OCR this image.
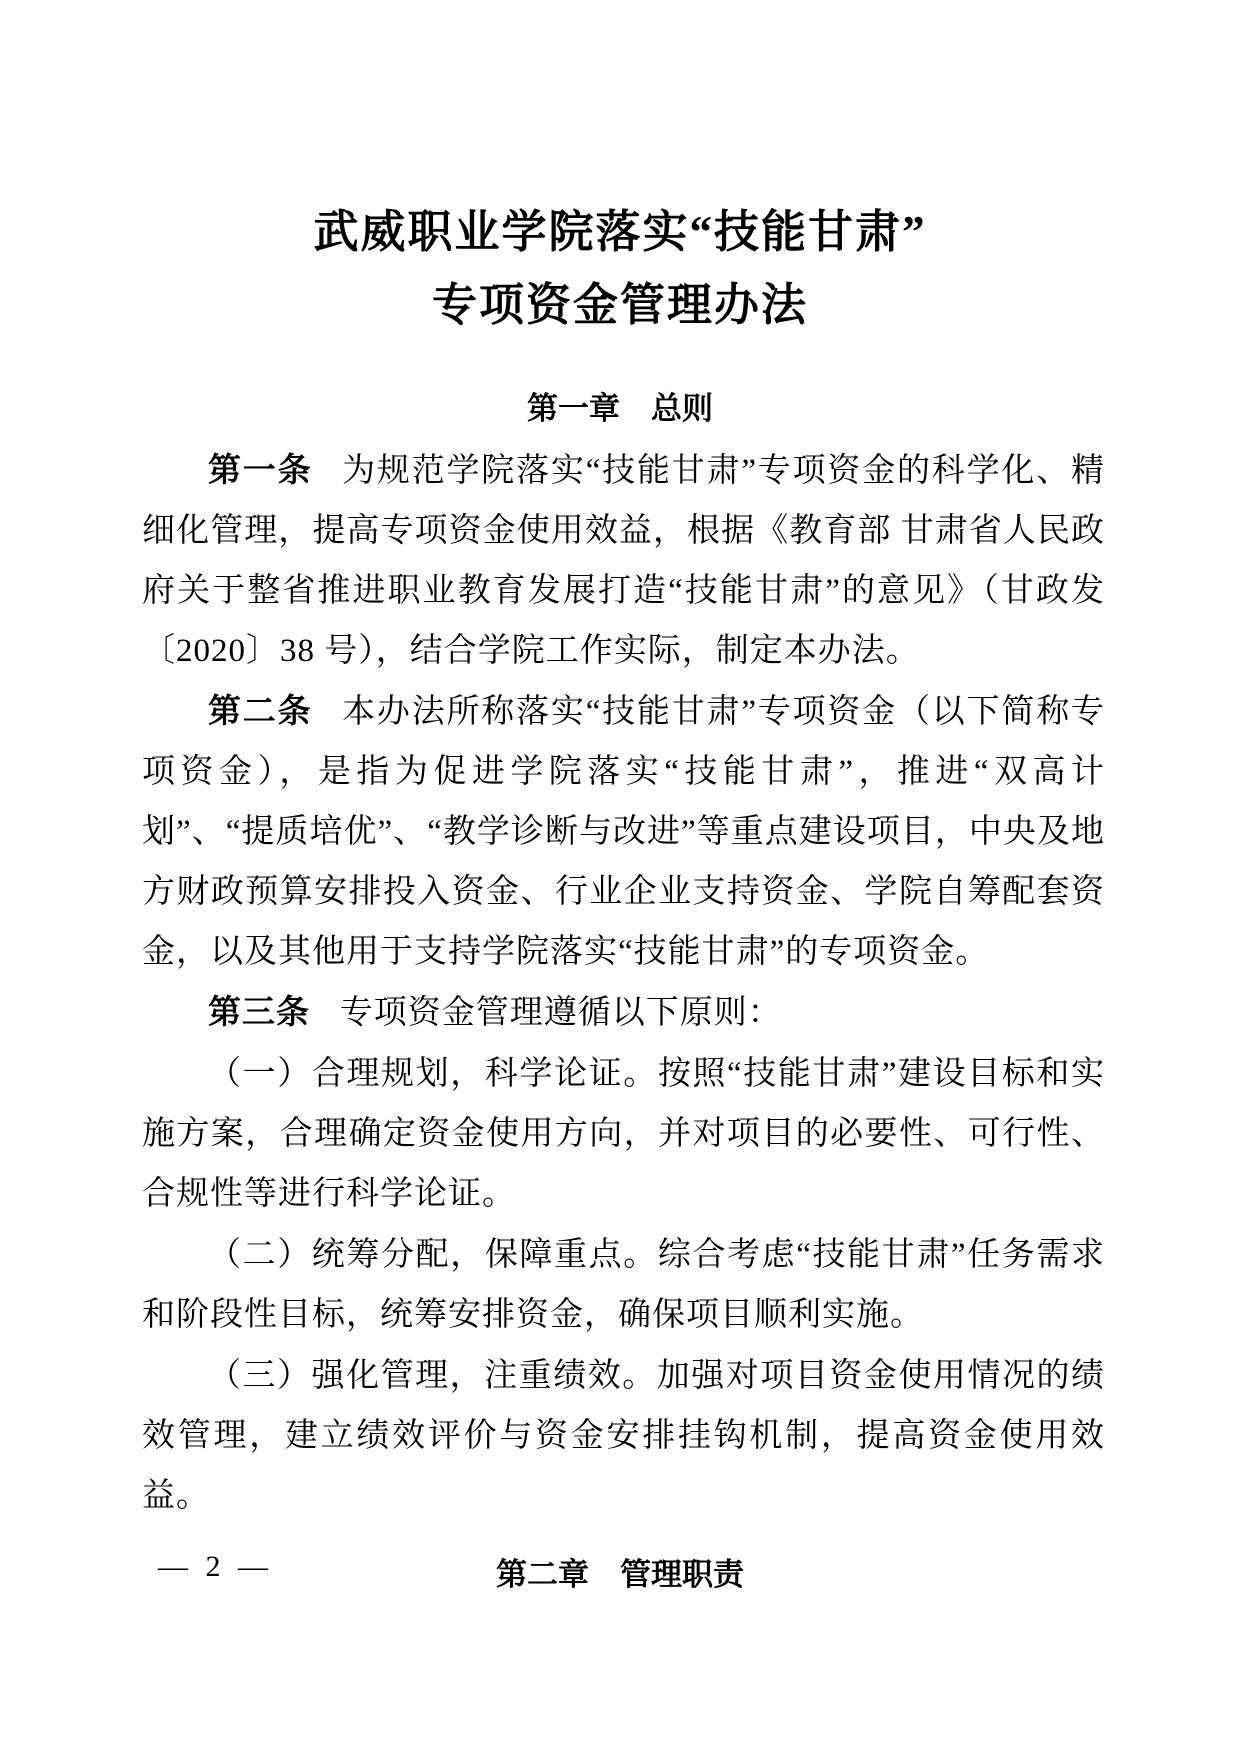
武威职业学院落实“技能甘肃”
专项资金管理办法
第一章　总则

第一条 为规范学院落实“技能甘肃”专项资金的科学化、精细化管理，提高专项资金使用效益，根据《教育部 甘肃省人民政府关于整省推进职业教育发展打造“技能甘肃”的意见》（甘政发〔2020〕38 号），结合学院工作实际，制定本办法。

第二条 本办法所称落实“技能甘肃”专项资金（以下简称专项资金），是指为促进学院落实“技能甘肃”，推进“双高计划”、“提质培优”、“教学诊断与改进”等重点建设项目，中央及地方财政预算安排投入资金、行业企业支持资金、学院自筹配套资金，以及其他用于支持学院落实“技能甘肃”的专项资金。

第三条 专项资金管理遵循以下原则：

（一）合理规划，科学论证。按照“技能甘肃”建设目标和实施方案，合理确定资金使用方向，并对项目的必要性、可行性、合规性等进行科学论证。

（二）统筹分配，保障重点。综合考虑“技能甘肃”任务需求和阶段性目标，统筹安排资金，确保项目顺利实施。

（三）强化管理，注重绩效。加强对项目资金使用情况的绩效管理，建立绩效评价与资金安排挂钩机制，提高资金使用效益。

第二章　管理职责
— 2 —
